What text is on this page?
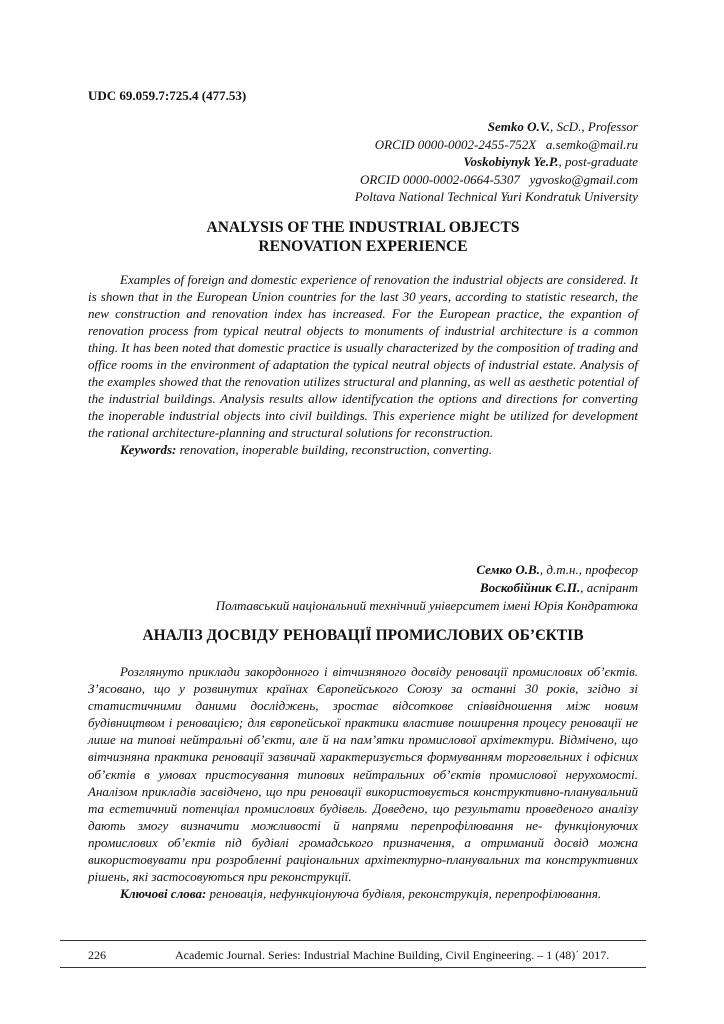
UDC 69.059.7:725.4 (477.53)
Semko O.V., ScD., Professor
ORCID 0000-0002-2455-752X   a.semko@mail.ru
Voskobiynyk Ye.P., post-graduate
ORCID 0000-0002-0664-5307   ygvosko@gmail.com
Poltava National Technical Yuri Kondratuk University
ANALYSIS OF THE INDUSTRIAL OBJECTS
RENOVATION EXPERIENCE

Examples of foreign and domestic experience of renovation the industrial objects are considered. It is shown that in the European Union countries for the last 30 years, according to statistic research, the new construction and renovation index has increased. For the European practice, the expantion of renovation process from typical neutral objects to monuments of industrial architecture is a common thing. It has been noted that domestic practice is usually characterized by the composition of trading and office rooms in the environment of adaptation the typical neutral objects of industrial estate. Analysis of the examples showed that the renovation utilizes structural and planning, as well as aesthetic potential of the industrial buildings. Analysis results allow identifycation the options and directions for converting the inoperable industrial objects into civil buildings. This experience might be utilized for development the rational architecture-planning and structural solutions for reconstruction.

Keywords: renovation, inoperable building, reconstruction, converting.

Семко О.В., д.т.н., професор
Воскобійник Є.П., аспірант
Полтавський національний технічний університет імені Юрія Кондратюка
АНАЛІЗ ДОСВІДУ РЕНОВАЦІЇ ПРОМИСЛОВИХ ОБ’ЄКТІВ

Розглянуто приклади закордонного і вітчизняного досвіду реновації промислових об’єктів. З’ясовано, що у розвинутих країнах Європейського Союзу за останні 30 років, згідно зі статистичними даними досліджень, зростає відсоткове співвідношення між новим будівництвом і реновацією; для європейської практики властиве поширення процесу реновації не лише на типові нейтральні об’єкти, але й на пам’ятки промислової архітектури. Відмічено, що вітчизняна практика реновації зазвичай характеризується формуванням торговельних і офісних об’єктів в умовах пристосування типових нейтральних об’єктів промислової нерухомості. Аналізом прикладів засвідчено, що при реновації використовується конструктивно-планувальний та естетичний потенціал промислових будівель. Доведено, що результати проведеного аналізу дають змогу визначити можливості й напрями перепрофілювання не- функціонуючих промислових об’єктів під будівлі громадського призначення, а отриманий досвід можна використовувати при розробленні раціональних архітектурно-планувальних та конструктивних рішень, які застосовуються при реконструкції.

Ключові слова: реновація, нефункціонуюча будівля, реконструкція, перепрофілювання.

226	Academic Journal. Series: Industrial Machine Building, Civil Engineering. – 1 (48)΄ 2017.
